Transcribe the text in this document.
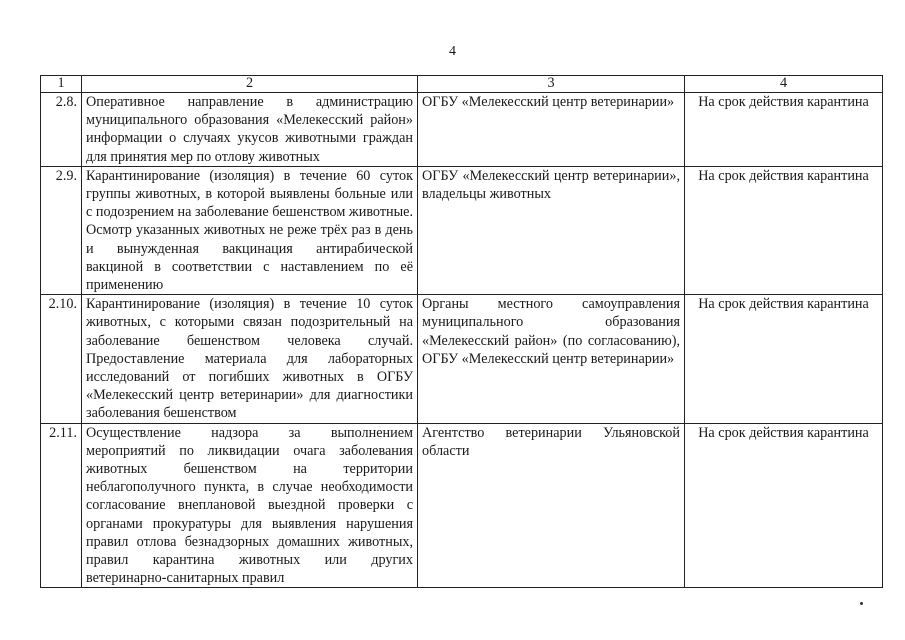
4
1	2	3	4
2.8.	Оперативное направление в администрацию муниципального образования «Мелекесский район» информации о случаях укусов животными граждан для принятия мер по отлову животных	ОГБУ «Мелекесский центр ветеринарии»	На срок действия карантина
2.9.	Карантинирование (изоляция) в течение 60 суток группы животных, в которой выявлены больные или с подозрением на заболевание бешенством животные. Осмотр указанных животных не реже трёх раз в день и вынужденная вакцинация антирабической вакциной в соответствии с наставлением по её применению	ОГБУ «Мелекесский центр ветеринарии», владельцы животных	На срок действия карантина
2.10.	Карантинирование (изоляция) в течение 10 суток животных, с которыми связан подозрительный на заболевание бешенством человека случай. Предоставление материала для лабораторных исследований от погибших животных в ОГБУ «Мелекесский центр ветеринарии» для диагностики заболевания бешенством	Органы местного самоуправления муниципального образования «Мелекесский район» (по согласованию), ОГБУ «Мелекесский центр ветеринарии»	На срок действия карантина
2.11.	Осуществление надзора за выполнением мероприятий по ликвидации очага заболевания животных бешенством на территории неблагополучного пункта, в случае необходимости согласование внеплановой выездной проверки с органами прокуратуры для выявления нарушения правил отлова безнадзорных домашних животных, правил карантина животных или других ветеринарно-санитарных правил	Агентство ветеринарии Ульяновской области	На срок действия карантина
